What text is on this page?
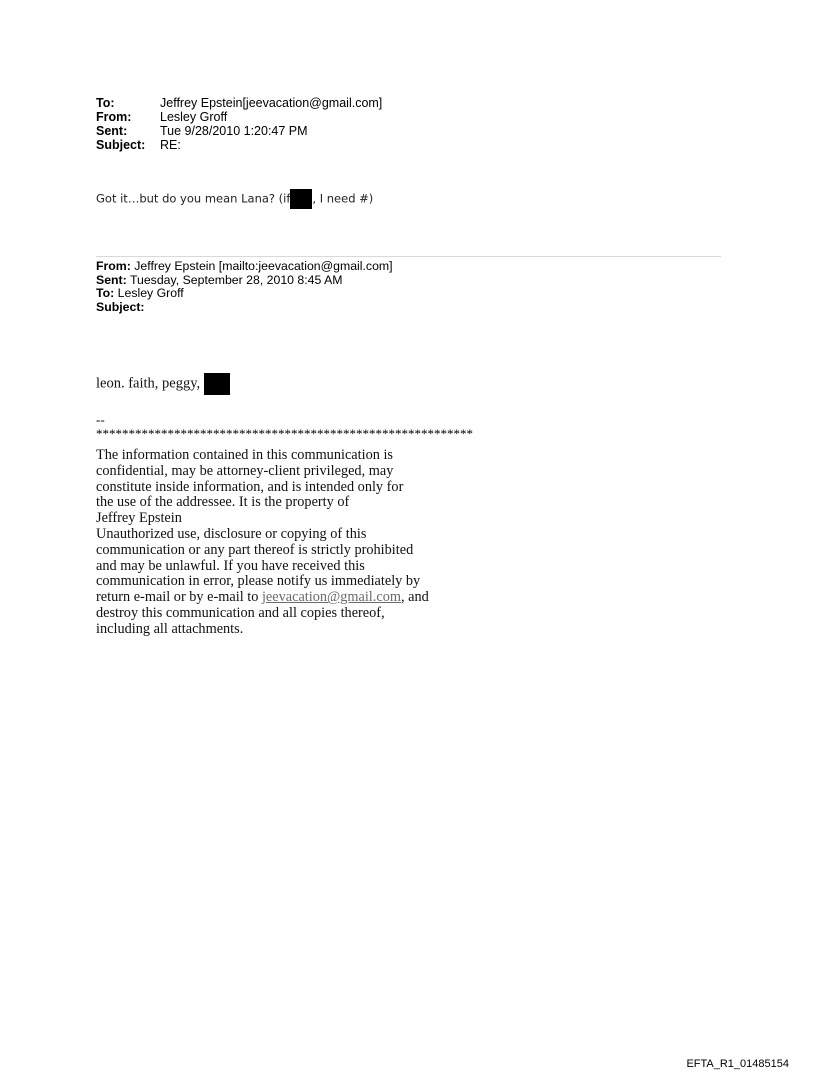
To:	Jeffrey Epstein[jeevacation@gmail.com]
From:	Lesley Groff
Sent:	Tue 9/28/2010 1:20:47 PM
Subject:	RE:
Got it…but do you mean Lana? (if , I need #)
From: Jeffrey Epstein [mailto:jeevacation@gmail.com]
Sent: Tuesday, September 28, 2010 8:45 AM
To: Lesley Groff
Subject:
leon. faith, peggy,
--
**********************************************************
The information contained in this communication is
confidential, may be attorney-client privileged, may
constitute inside information, and is intended only for
the use of the addressee. It is the property of
Jeffrey Epstein
Unauthorized use, disclosure or copying of this
communication or any part thereof is strictly prohibited
and may be unlawful. If you have received this
communication in error, please notify us immediately by
return e-mail or by e-mail to jeevacation@gmail.com, and
destroy this communication and all copies thereof,
including all attachments.
EFTA_R1_01485154
